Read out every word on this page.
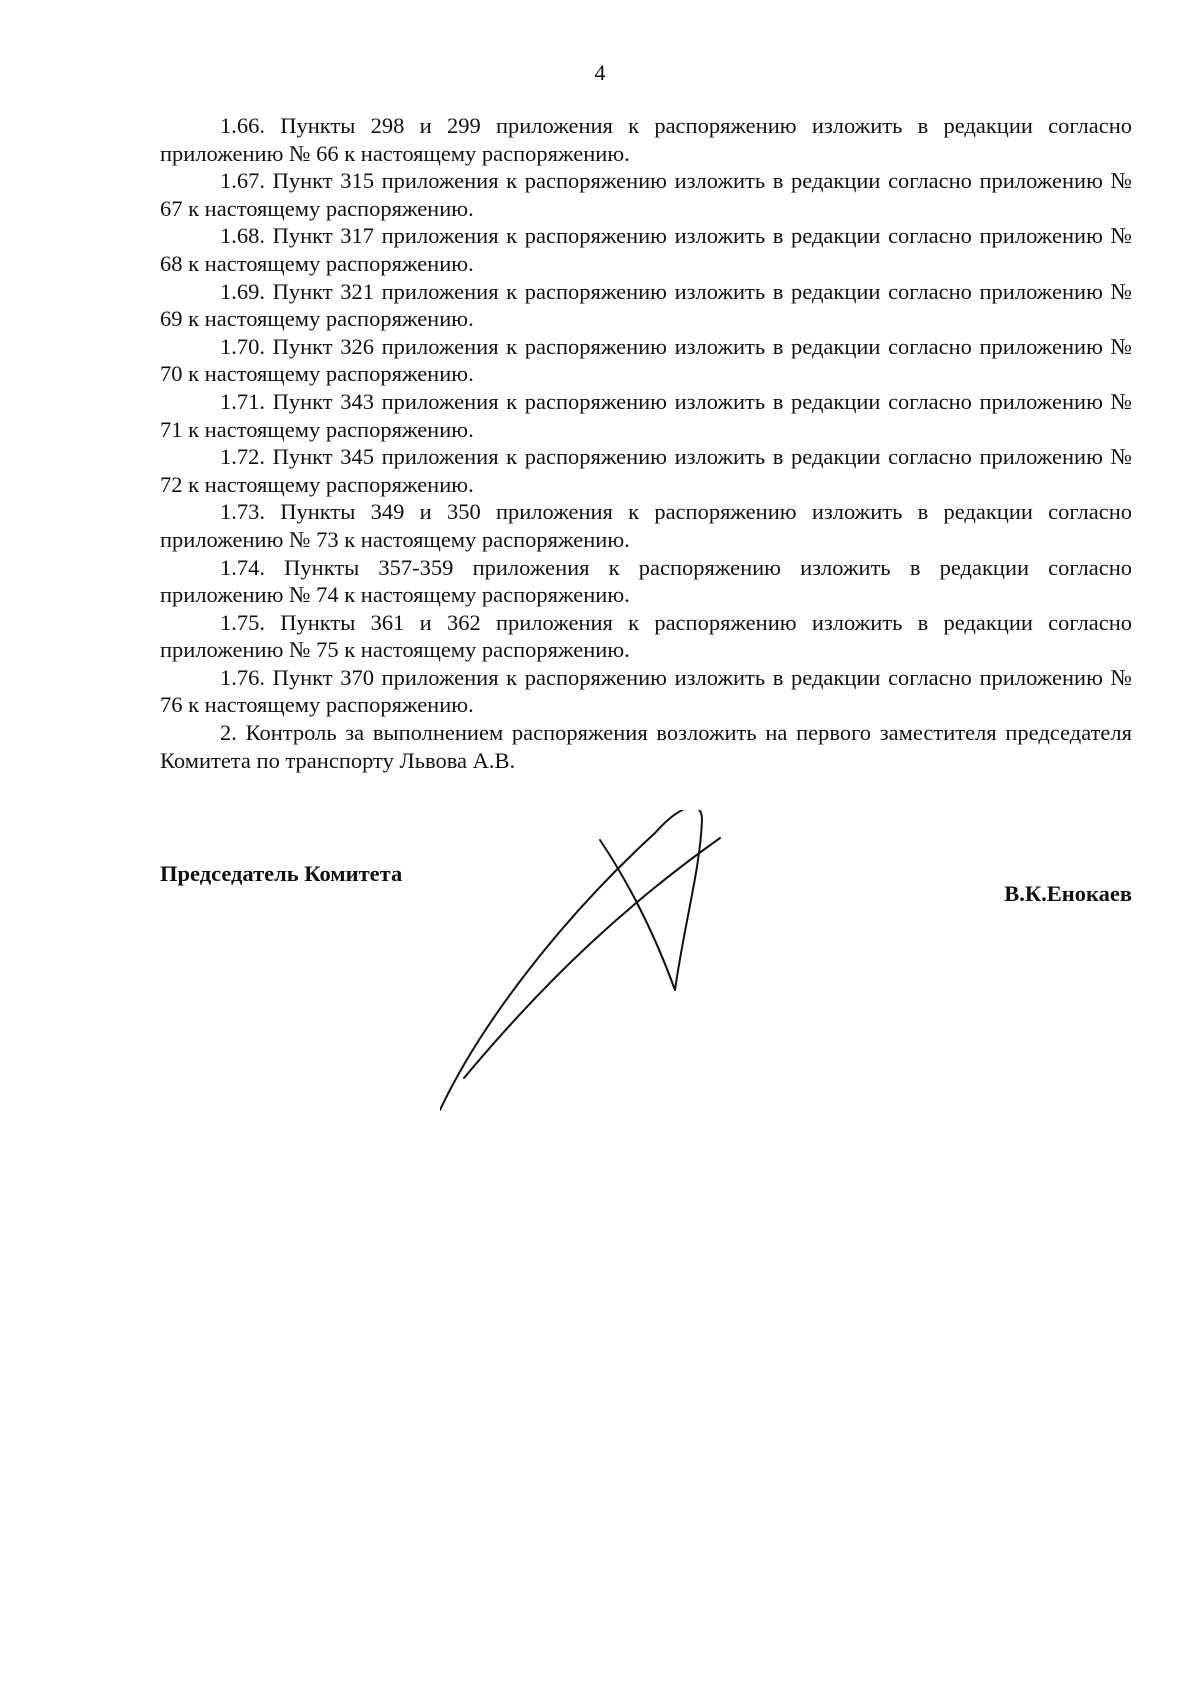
4

1.66. Пункты 298 и 299 приложения к распоряжению изложить в редакции согласно приложению № 66 к настоящему распоряжению.

1.67. Пункт 315 приложения к распоряжению изложить в редакции согласно приложению № 67 к настоящему распоряжению.

1.68. Пункт 317 приложения к распоряжению изложить в редакции согласно приложению № 68 к настоящему распоряжению.

1.69. Пункт 321 приложения к распоряжению изложить в редакции согласно приложению № 69 к настоящему распоряжению.

1.70. Пункт 326 приложения к распоряжению изложить в редакции согласно приложению № 70 к настоящему распоряжению.

1.71. Пункт 343 приложения к распоряжению изложить в редакции согласно приложению № 71 к настоящему распоряжению.

1.72. Пункт 345 приложения к распоряжению изложить в редакции согласно приложению № 72 к настоящему распоряжению.

1.73. Пункты 349 и 350 приложения к распоряжению изложить в редакции согласно приложению № 73 к настоящему распоряжению.

1.74. Пункты 357-359 приложения к распоряжению изложить в редакции согласно приложению № 74 к настоящему распоряжению.

1.75. Пункты 361 и 362 приложения к распоряжению изложить в редакции согласно приложению № 75 к настоящему распоряжению.

1.76. Пункт 370 приложения к распоряжению изложить в редакции согласно приложению № 76 к настоящему распоряжению.

2. Контроль за выполнением распоряжения возложить на первого заместителя председателя Комитета по транспорту Львова А.В.

Председатель Комитета
В.К.Енокаев
